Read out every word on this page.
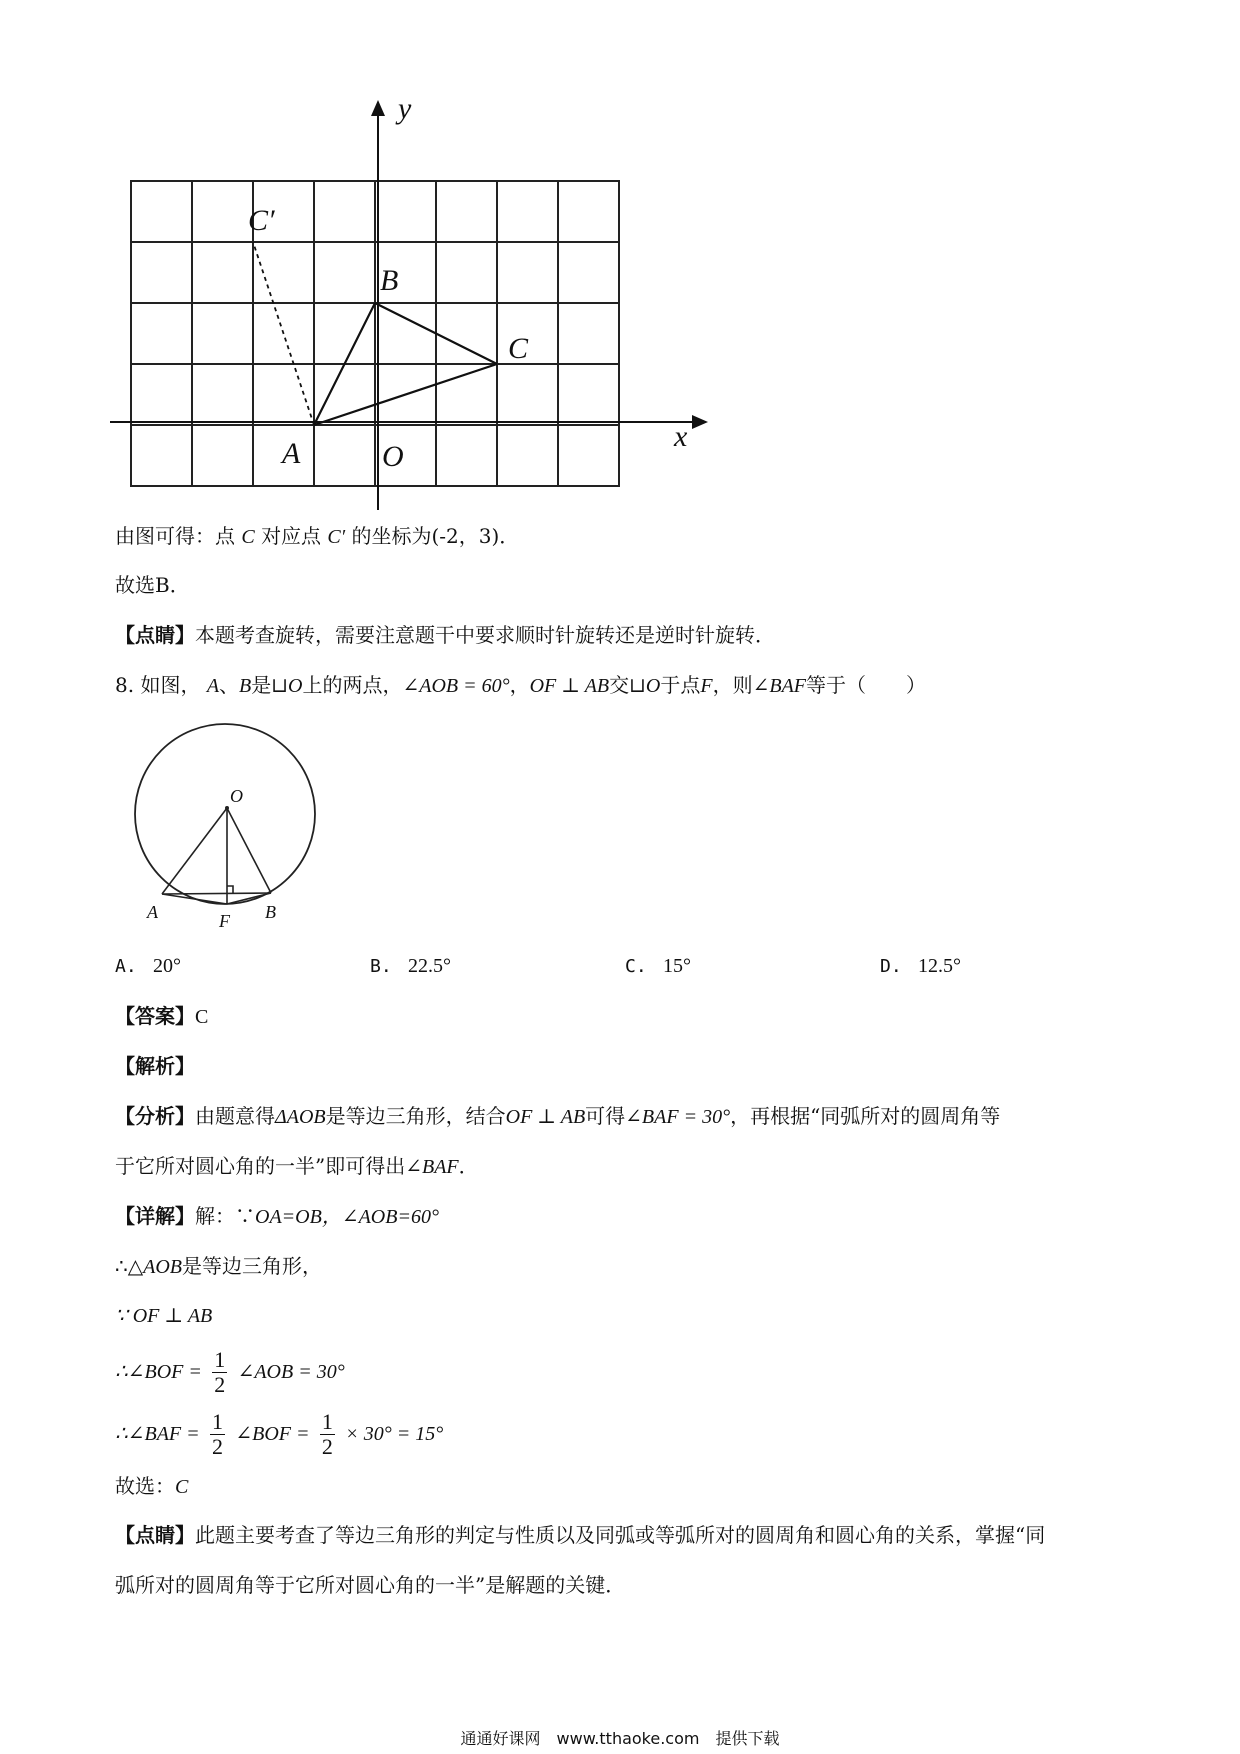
y
x
C′
B
C
A	O
由图可得：点 C 对应点 C′ 的坐标为(-2，3)．
故选B．
【点睛】本题考查旋转，需要注意题干中要求顺时针旋转还是逆时针旋转．
8. 如图， A、B是⊔O上的两点，∠AOB = 60°，OF ⊥ AB交⊔O于点F，则∠BAF等于（　　）
O
A	F B
A. 20°	B. 22.5°	C. 15°	D. 12.5°
【答案】C
【解析】
【分析】由题意得ΔAOB是等边三角形，结合OF ⊥ AB可得∠BAF = 30°，再根据“同弧所对的圆周角等
于它所对圆心角的一半”即可得出∠BAF．
【详解】解：∵OA=OB，∠AOB=60°
∴△AOB是等边三角形，
∵ OF ⊥ AB
∴∠BOF = $\frac{1}{2}$ ∠AOB = 30°
∴∠BAF = $\frac{1}{2}$ ∠BOF = $\frac{1}{2} \times 30^\circ = 15^\circ$
故选：C
【点睛】此题主要考查了等边三角形的判定与性质以及同弧或等弧所对的圆周角和圆心角的关系，掌握“同
弧所对的圆周角等于它所对圆心角的一半”是解题的关键．
通通好课网　www.tthaoke.com　提供下载
